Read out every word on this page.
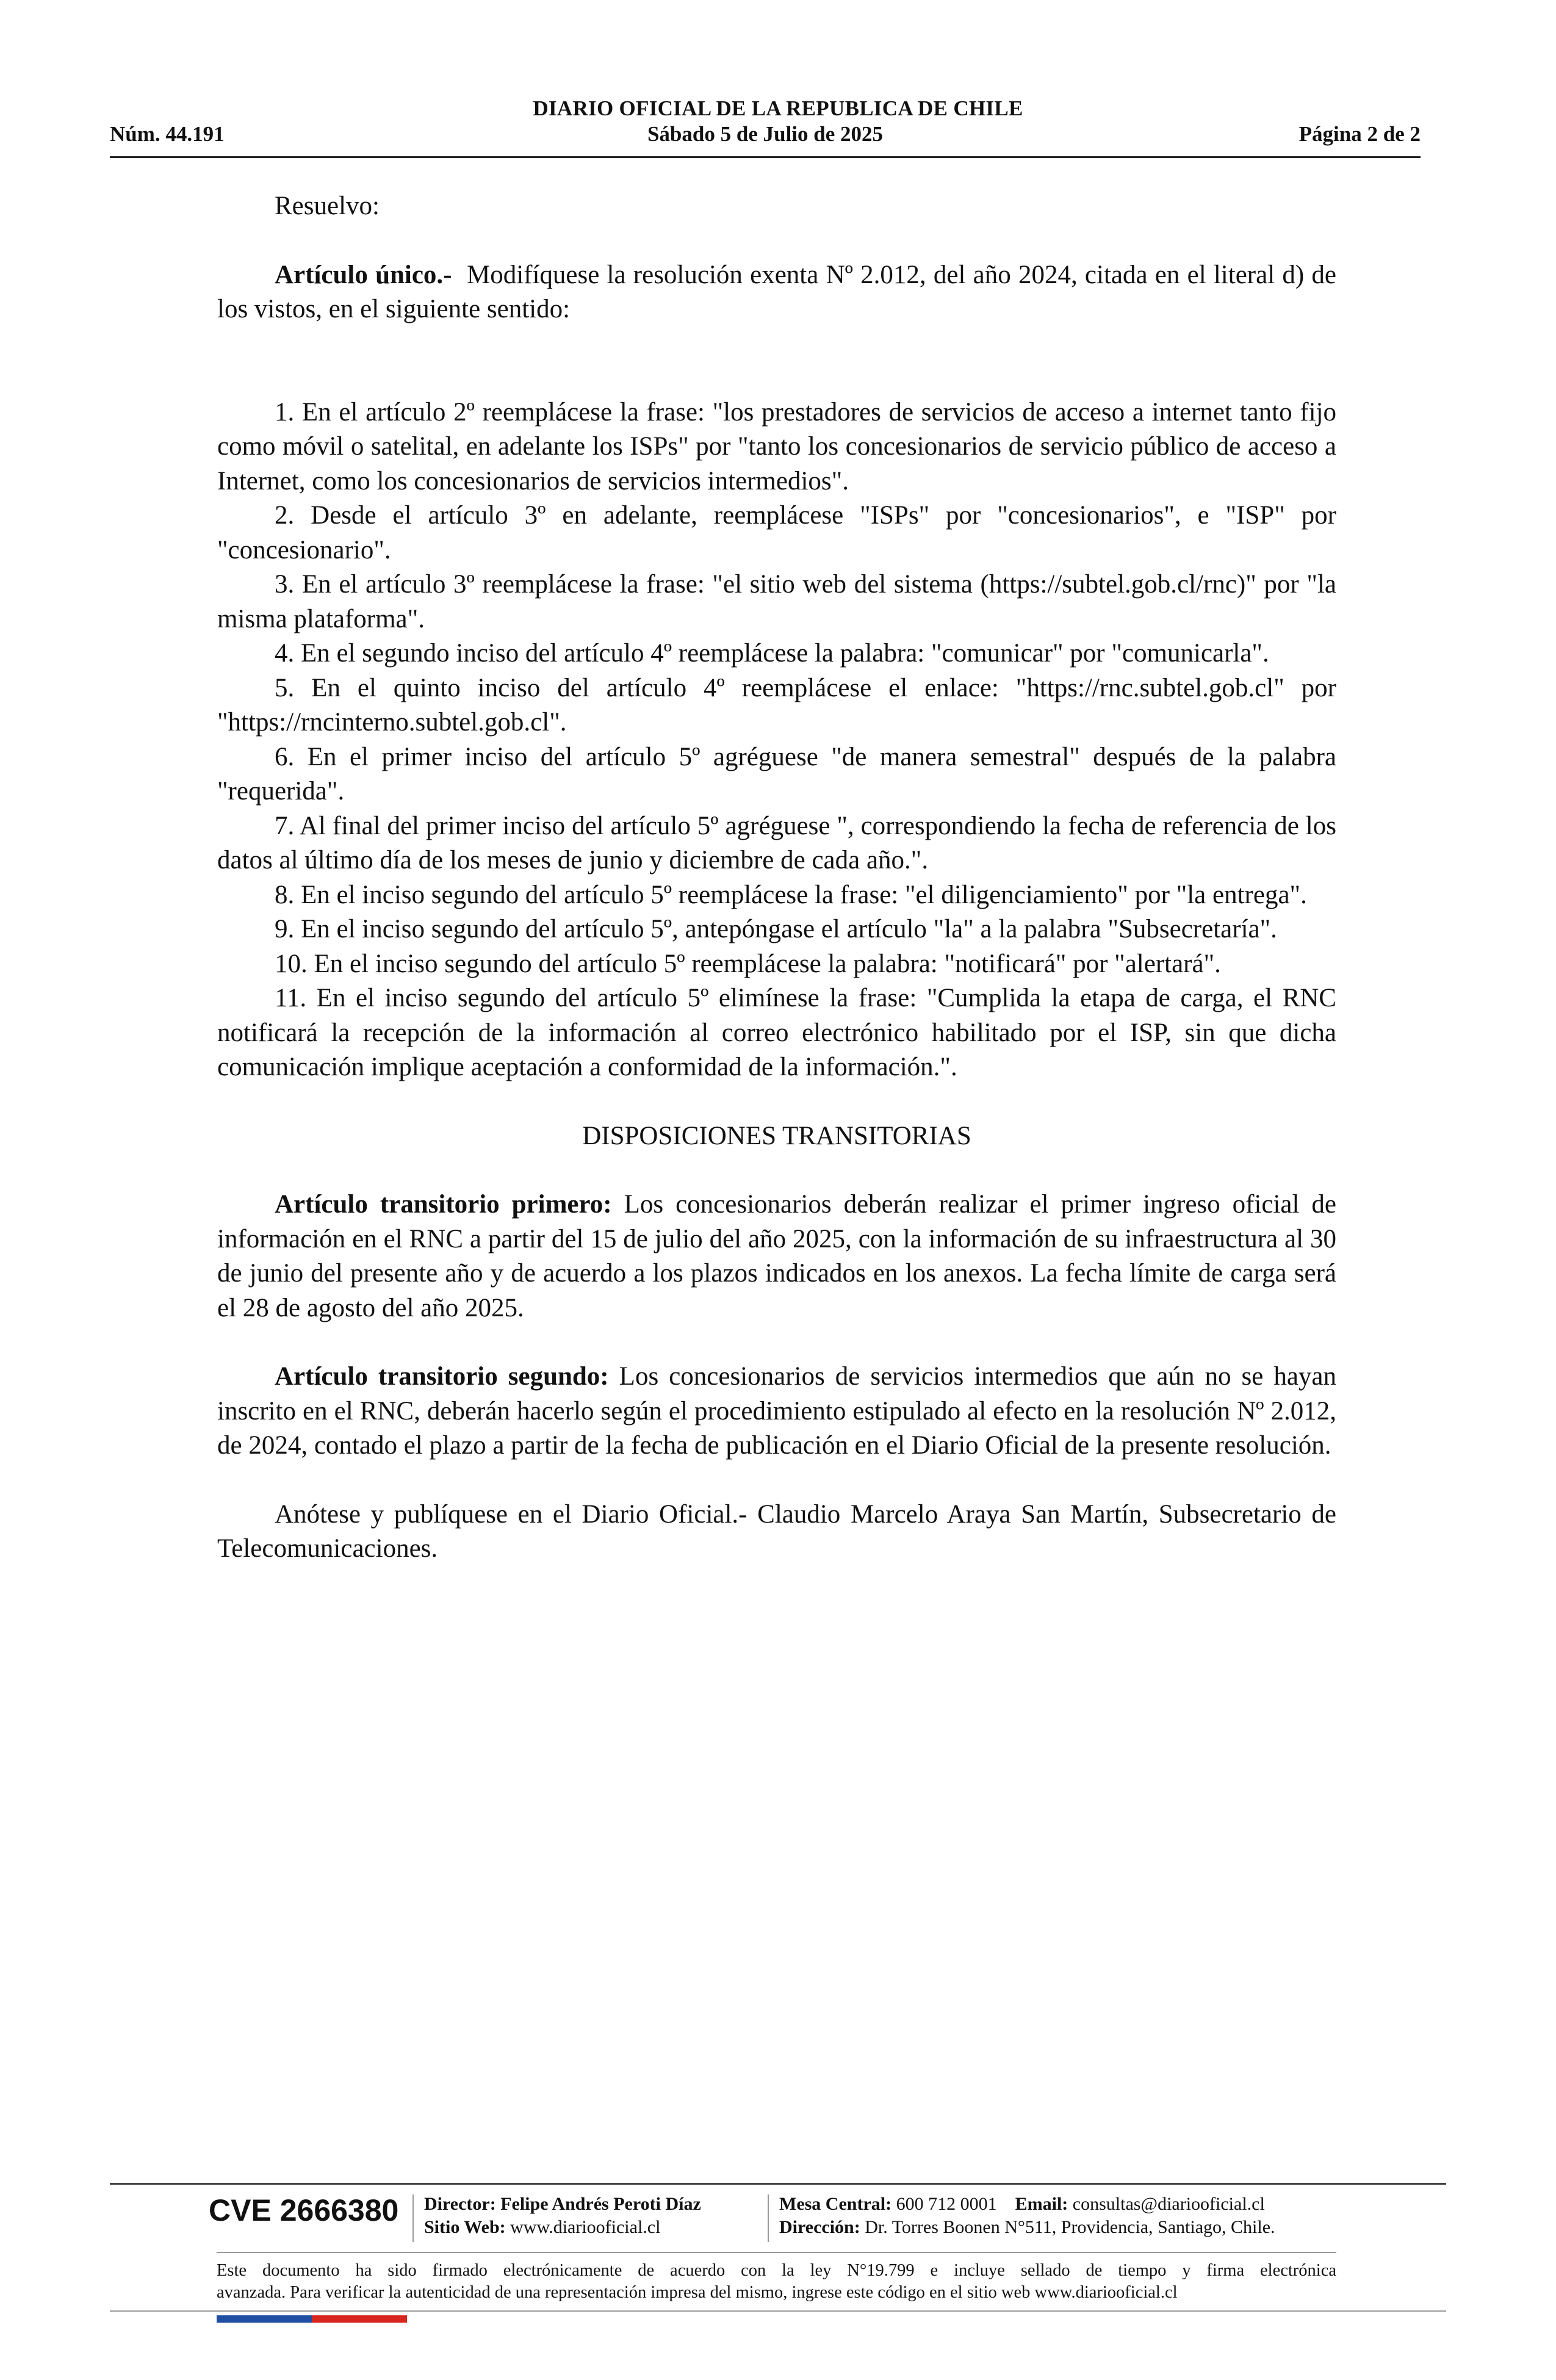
DIARIO OFICIAL DE LA REPUBLICA DE CHILE
Sábado 5 de Julio de 2025
Núm. 44.191	Página 2 de 2

Resuelvo:

Artículo único.- Modifíquese la resolución exenta Nº 2.012, del año 2024, citada en el literal d) de los vistos, en el siguiente sentido:

1. En el artículo 2º reemplácese la frase: "los prestadores de servicios de acceso a internet tanto fijo como móvil o satelital, en adelante los ISPs" por "tanto los concesionarios de servicio público de acceso a Internet, como los concesionarios de servicios intermedios".

2. Desde el artículo 3º en adelante, reemplácese "ISPs" por "concesionarios", e "ISP" por "concesionario".

3. En el artículo 3º reemplácese la frase: "el sitio web del sistema (https://subtel.gob.cl/rnc)" por "la misma plataforma".

4. En el segundo inciso del artículo 4º reemplácese la palabra: "comunicar" por "comunicarla".

5. En el quinto inciso del artículo 4º reemplácese el enlace: "https://rnc.subtel.gob.cl" por "https://rncinterno.subtel.gob.cl".

6. En el primer inciso del artículo 5º agréguese "de manera semestral" después de la palabra "requerida".

7. Al final del primer inciso del artículo 5º agréguese ", correspondiendo la fecha de referencia de los datos al último día de los meses de junio y diciembre de cada año.".

8. En el inciso segundo del artículo 5º reemplácese la frase: "el diligenciamiento" por "la entrega".

9. En el inciso segundo del artículo 5º, antepóngase el artículo "la" a la palabra "Subsecretaría".

10. En el inciso segundo del artículo 5º reemplácese la palabra: "notificará" por "alertará".

11. En el inciso segundo del artículo 5º elimínese la frase: "Cumplida la etapa de carga, el RNC notificará la recepción de la información al correo electrónico habilitado por el ISP, sin que dicha comunicación implique aceptación a conformidad de la información.".

DISPOSICIONES TRANSITORIAS

Artículo transitorio primero: Los concesionarios deberán realizar el primer ingreso oficial de información en el RNC a partir del 15 de julio del año 2025, con la información de su infraestructura al 30 de junio del presente año y de acuerdo a los plazos indicados en los anexos. La fecha límite de carga será el 28 de agosto del año 2025.

Artículo transitorio segundo: Los concesionarios de servicios intermedios que aún no se hayan inscrito en el RNC, deberán hacerlo según el procedimiento estipulado al efecto en la resolución Nº 2.012, de 2024, contado el plazo a partir de la fecha de publicación en el Diario Oficial de la presente resolución.

Anótese y publíquese en el Diario Oficial.- Claudio Marcelo Araya San Martín, Subsecretario de Telecomunicaciones.

CVE 2666380 Director: Felipe Andrés Peroti Díaz
Sitio Web: www.diariooficial.cl
Mesa Central: 600 712 0001 Email: consultas@diariooficial.cl
Dirección: Dr. Torres Boonen N°511, Providencia, Santiago, Chile.
Este documento ha sido firmado electrónicamente de acuerdo con la ley N°19.799 e incluye sellado de tiempo y firma electrónica
avanzada. Para verificar la autenticidad de una representación impresa del mismo, ingrese este código en el sitio web www.diariooficial.cl
